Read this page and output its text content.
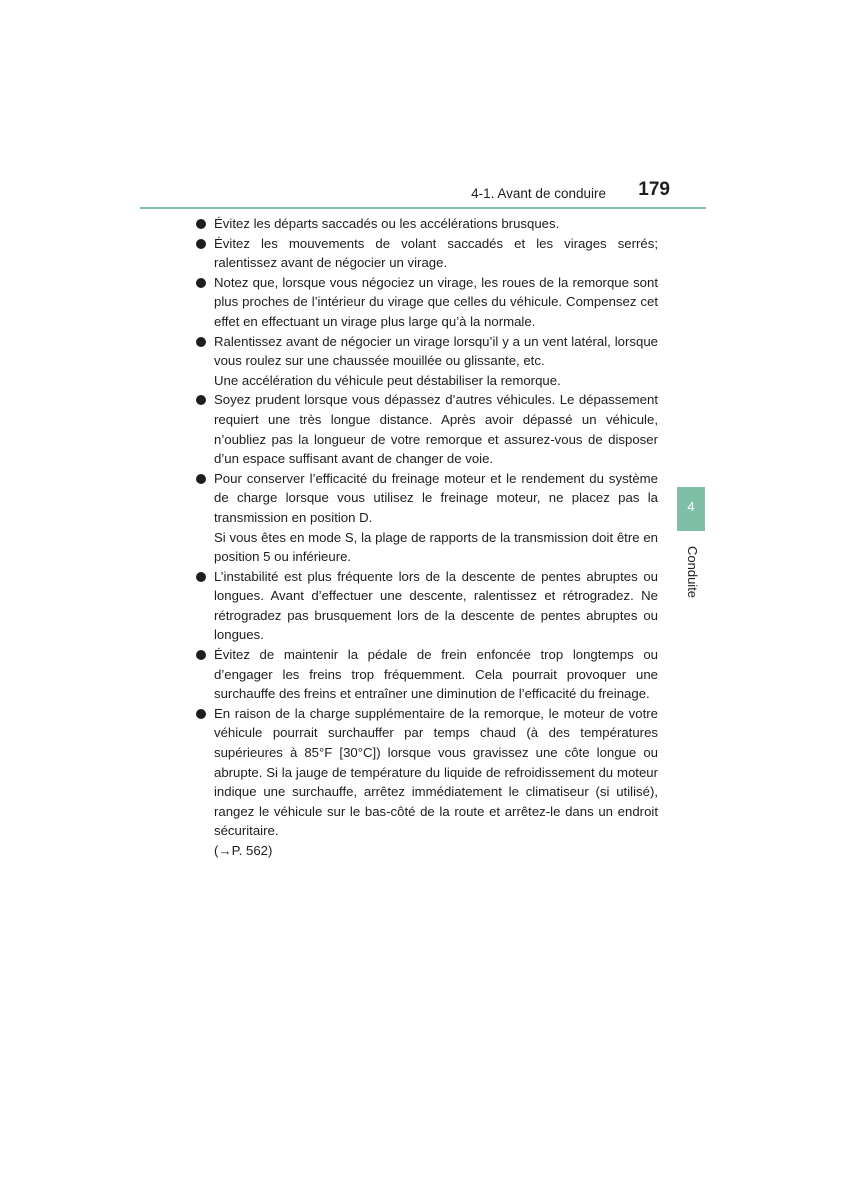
4-1. Avant de conduire 179

Évitez les départs saccadés ou les accélérations brusques.

Évitez les mouvements de volant saccadés et les virages serrés; ralentissez avant de négocier un virage.

Notez que, lorsque vous négociez un virage, les roues de la remorque sont plus proches de l’intérieur du virage que celles du véhicule. Compensez cet effet en effectuant un virage plus large qu’à la normale.

Ralentissez avant de négocier un virage lorsqu’il y a un vent latéral, lorsque vous roulez sur une chaussée mouillée ou glissante, etc.

Une accélération du véhicule peut déstabiliser la remorque.

Soyez prudent lorsque vous dépassez d’autres véhicules. Le dépassement requiert une très longue distance. Après avoir dépassé un véhicule, n’oubliez pas la longueur de votre remorque et assurez-vous de disposer d’un espace suffisant avant de changer de voie.

Pour conserver l’efficacité du freinage moteur et le rendement du système de charge lorsque vous utilisez le freinage moteur, ne placez pas la transmission en position D.

Si vous êtes en mode S, la plage de rapports de la transmission doit être en position 5 ou inférieure.

L’instabilité est plus fréquente lors de la descente de pentes abruptes ou longues. Avant d’effectuer une descente, ralentissez et rétrogradez. Ne rétrogradez pas brusquement lors de la descente de pentes abruptes ou longues.

Évitez de maintenir la pédale de frein enfoncée trop longtemps ou d’engager les freins trop fréquemment. Cela pourrait provoquer une surchauffe des freins et entraîner une diminution de l’efficacité du freinage.

En raison de la charge supplémentaire de la remorque, le moteur de votre véhicule pourrait surchauffer par temps chaud (à des températures supérieures à 85°F [30°C]) lorsque vous gravissez une côte longue ou abrupte. Si la jauge de température du liquide de refroidissement du moteur indique une surchauffe, arrêtez immédiatement le climatiseur (si utilisé), rangez le véhicule sur le bas-côté de la route et arrêtez-le dans un endroit sécuritaire.

(→P. 562)

4
Conduite
